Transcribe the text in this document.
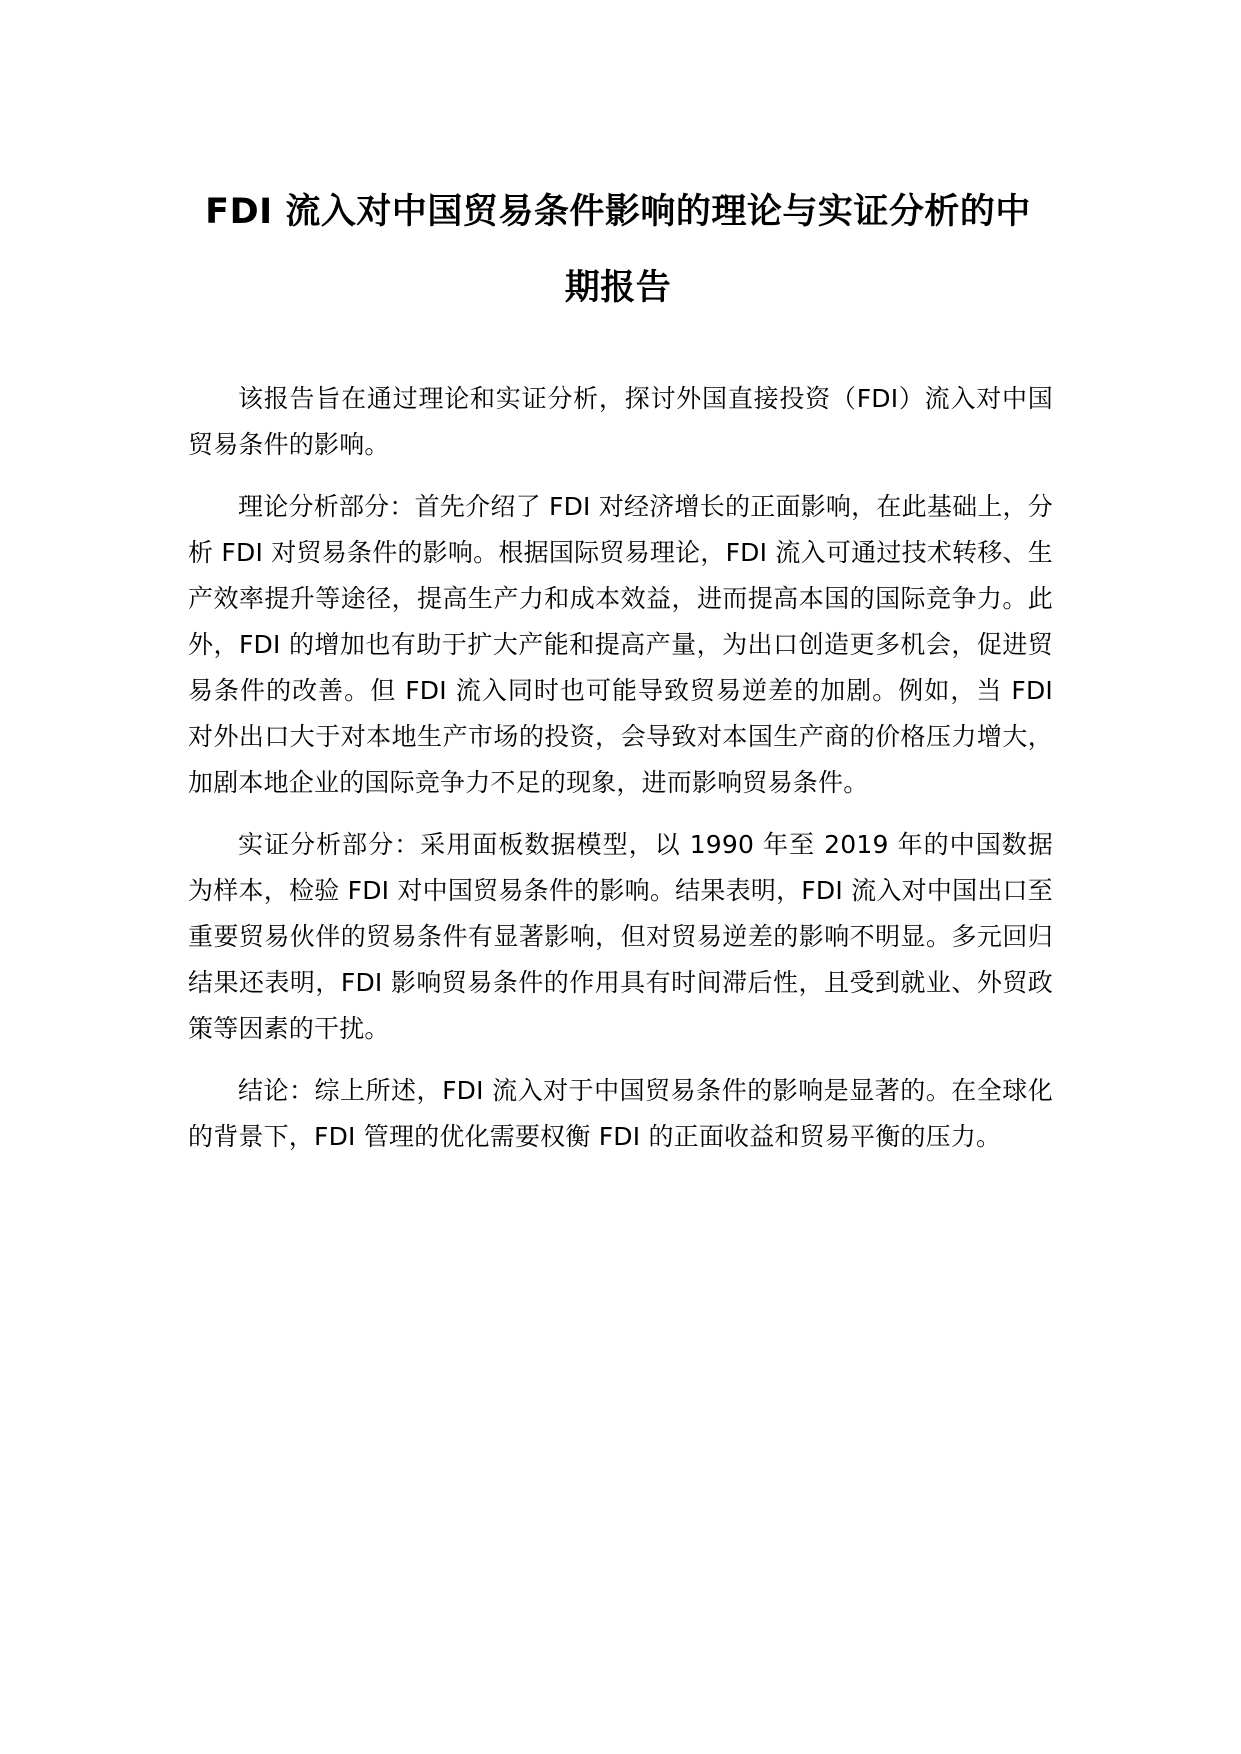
FDI 流入对中国贸易条件影响的理论与实证分析的中期报告

该报告旨在通过理论和实证分析，探讨外国直接投资（FDI）流入对中国贸易条件的影响。

理论分析部分：首先介绍了 FDI 对经济增长的正面影响，在此基础上，分析 FDI 对贸易条件的影响。根据国际贸易理论，FDI 流入可通过技术转移、生产效率提升等途径，提高生产力和成本效益，进而提高本国的国际竞争力。此外，FDI 的增加也有助于扩大产能和提高产量，为出口创造更多机会，促进贸易条件的改善。但 FDI 流入同时也可能导致贸易逆差的加剧。例如，当 FDI 对外出口大于对本地生产市场的投资，会导致对本国生产商的价格压力增大，加剧本地企业的国际竞争力不足的现象，进而影响贸易条件。

实证分析部分：采用面板数据模型，以 1990 年至 2019 年的中国数据为样本，检验 FDI 对中国贸易条件的影响。结果表明，FDI 流入对中国出口至重要贸易伙伴的贸易条件有显著影响，但对贸易逆差的影响不明显。多元回归结果还表明，FDI 影响贸易条件的作用具有时间滞后性，且受到就业、外贸政策等因素的干扰。

结论：综上所述，FDI 流入对于中国贸易条件的影响是显著的。在全球化的背景下，FDI 管理的优化需要权衡 FDI 的正面收益和贸易平衡的压力。
